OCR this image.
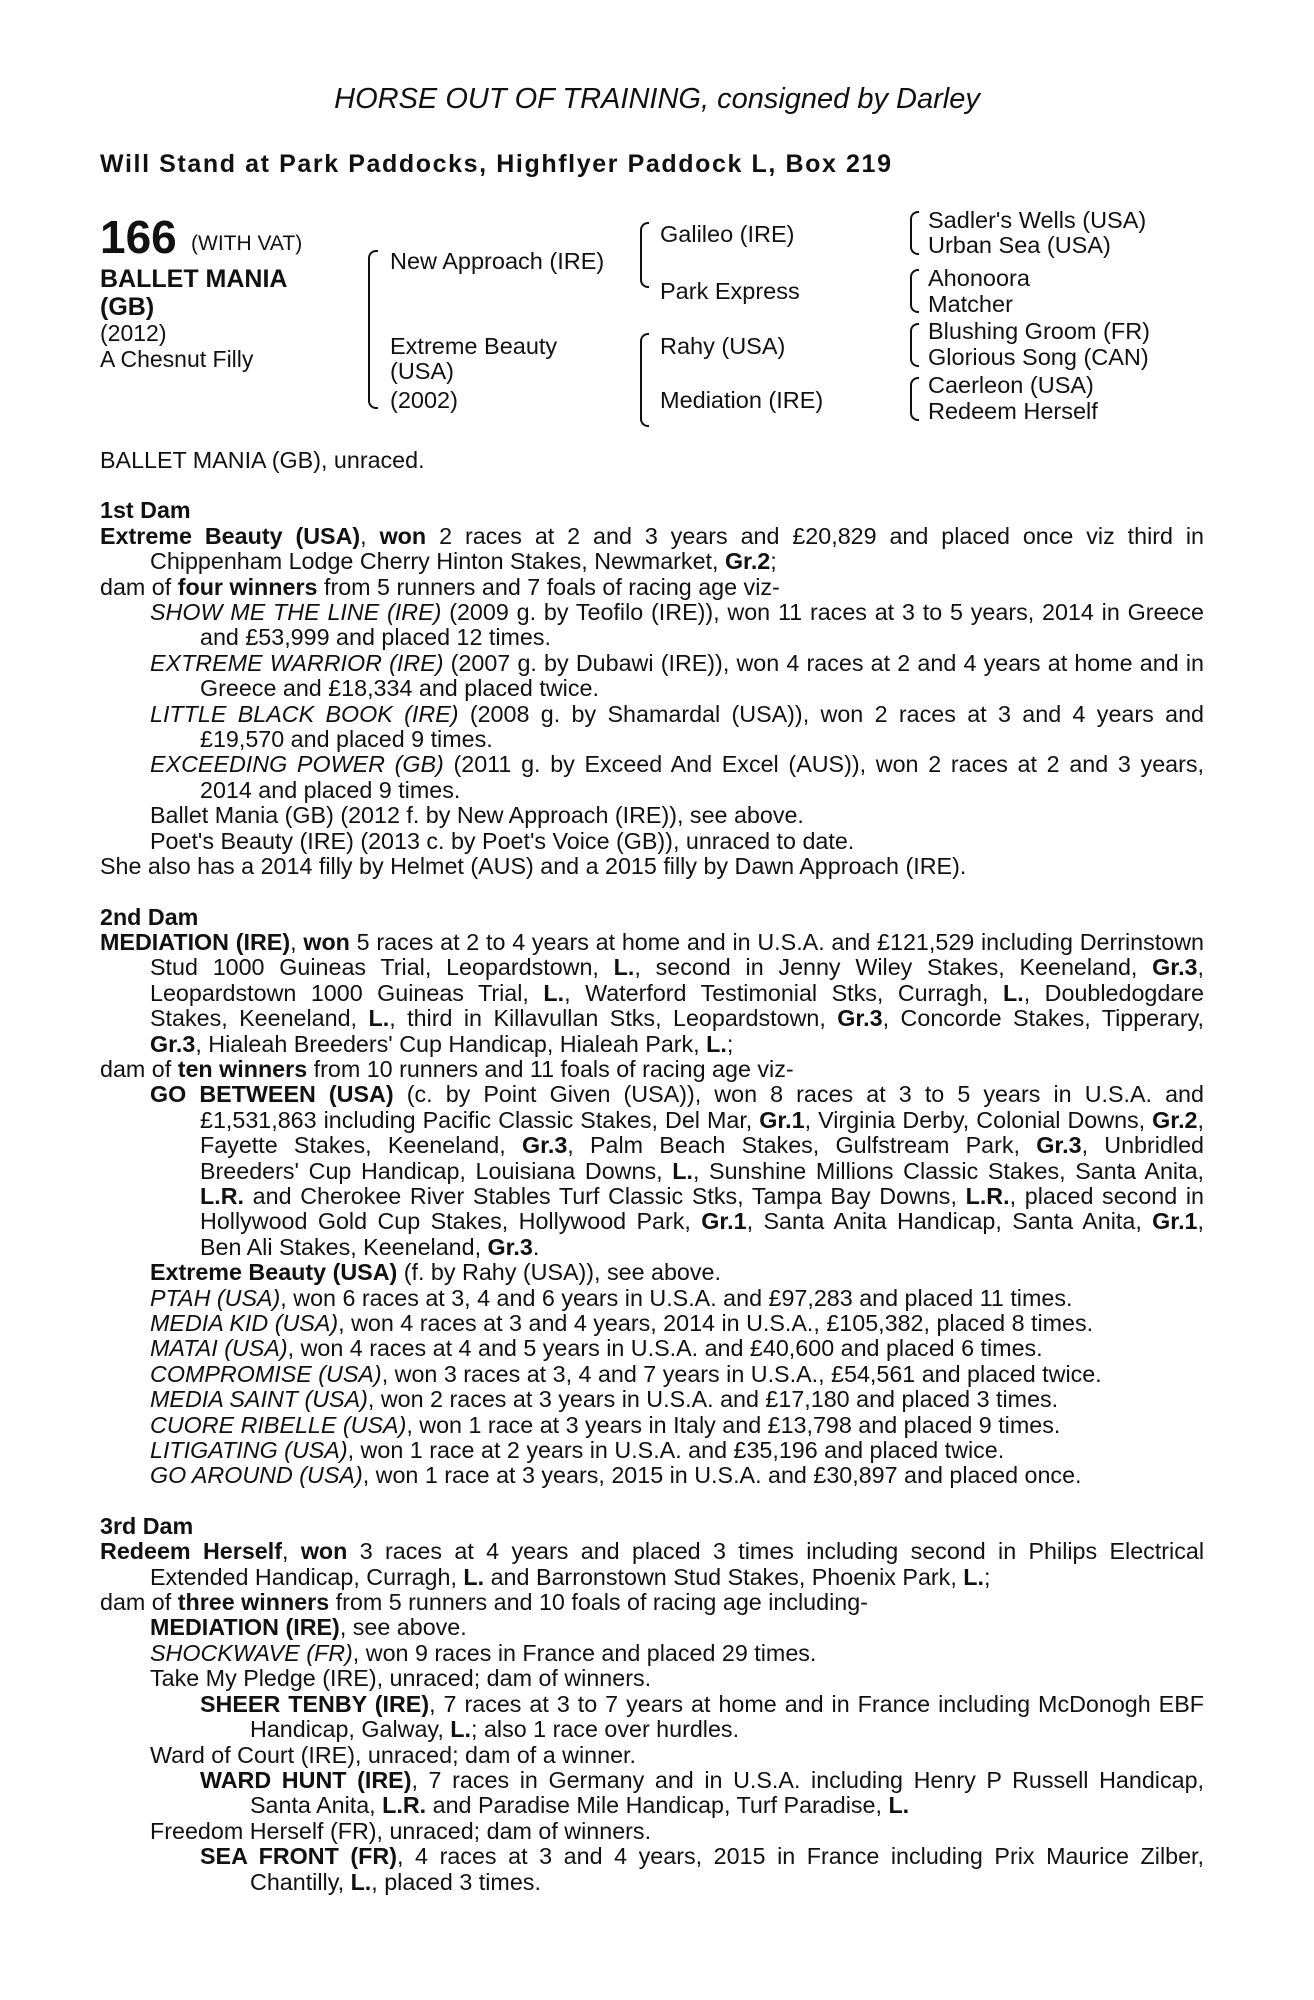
HORSE OUT OF TRAINING, consigned by Darley
Will Stand at Park Paddocks, Highflyer Paddock L, Box 219
166 (WITH VAT)
BALLET MANIA (GB)
(2012)
A Chesnut Filly
New Approach (IRE)
Extreme Beauty
(USA)
(2002)
Galileo (IRE)
Park Express
Rahy (USA)
Mediation (IRE)
Sadler's Wells (USA)
Urban Sea (USA)
Ahonoora
Matcher
Blushing Groom (FR)
Glorious Song (CAN)
Caerleon (USA)
Redeem Herself
BALLET MANIA (GB), unraced.
1st Dam
Extreme Beauty (USA), won 2 races at 2 and 3 years and £20,829 and placed once viz third in Chippenham Lodge Cherry Hinton Stakes, Newmarket, Gr.2;
dam of four winners from 5 runners and 7 foals of racing age viz-
SHOW ME THE LINE (IRE) (2009 g. by Teofilo (IRE)), won 11 races at 3 to 5 years, 2014 in Greece and £53,999 and placed 12 times.
EXTREME WARRIOR (IRE) (2007 g. by Dubawi (IRE)), won 4 races at 2 and 4 years at home and in Greece and £18,334 and placed twice.
LITTLE BLACK BOOK (IRE) (2008 g. by Shamardal (USA)), won 2 races at 3 and 4 years and £19,570 and placed 9 times.
EXCEEDING POWER (GB) (2011 g. by Exceed And Excel (AUS)), won 2 races at 2 and 3 years, 2014 and placed 9 times.
Ballet Mania (GB) (2012 f. by New Approach (IRE)), see above.
Poet's Beauty (IRE) (2013 c. by Poet's Voice (GB)), unraced to date.
She also has a 2014 filly by Helmet (AUS) and a 2015 filly by Dawn Approach (IRE).
2nd Dam
MEDIATION (IRE), won 5 races at 2 to 4 years at home and in U.S.A. and £121,529 including Derrinstown Stud 1000 Guineas Trial, Leopardstown, L., second in Jenny Wiley Stakes, Keeneland, Gr.3, Leopardstown 1000 Guineas Trial, L., Waterford Testimonial Stks, Curragh, L., Doubledogdare Stakes, Keeneland, L., third in Killavullan Stks, Leopardstown, Gr.3, Concorde Stakes, Tipperary, Gr.3, Hialeah Breeders' Cup Handicap, Hialeah Park, L.;
dam of ten winners from 10 runners and 11 foals of racing age viz-
GO BETWEEN (USA) (c. by Point Given (USA)), won 8 races at 3 to 5 years in U.S.A. and £1,531,863 including Pacific Classic Stakes, Del Mar, Gr.1, Virginia Derby, Colonial Downs, Gr.2, Fayette Stakes, Keeneland, Gr.3, Palm Beach Stakes, Gulfstream Park, Gr.3, Unbridled Breeders' Cup Handicap, Louisiana Downs, L., Sunshine Millions Classic Stakes, Santa Anita, L.R. and Cherokee River Stables Turf Classic Stks, Tampa Bay Downs, L.R., placed second in Hollywood Gold Cup Stakes, Hollywood Park, Gr.1, Santa Anita Handicap, Santa Anita, Gr.1, Ben Ali Stakes, Keeneland, Gr.3.
Extreme Beauty (USA) (f. by Rahy (USA)), see above.
PTAH (USA), won 6 races at 3, 4 and 6 years in U.S.A. and £97,283 and placed 11 times.
MEDIA KID (USA), won 4 races at 3 and 4 years, 2014 in U.S.A., £105,382, placed 8 times.
MATAI (USA), won 4 races at 4 and 5 years in U.S.A. and £40,600 and placed 6 times.
COMPROMISE (USA), won 3 races at 3, 4 and 7 years in U.S.A., £54,561 and placed twice.
MEDIA SAINT (USA), won 2 races at 3 years in U.S.A. and £17,180 and placed 3 times.
CUORE RIBELLE (USA), won 1 race at 3 years in Italy and £13,798 and placed 9 times.
LITIGATING (USA), won 1 race at 2 years in U.S.A. and £35,196 and placed twice.
GO AROUND (USA), won 1 race at 3 years, 2015 in U.S.A. and £30,897 and placed once.
3rd Dam
Redeem Herself, won 3 races at 4 years and placed 3 times including second in Philips Electrical Extended Handicap, Curragh, L. and Barronstown Stud Stakes, Phoenix Park, L.;
dam of three winners from 5 runners and 10 foals of racing age including-
MEDIATION (IRE), see above.
SHOCKWAVE (FR), won 9 races in France and placed 29 times.
Take My Pledge (IRE), unraced; dam of winners.
SHEER TENBY (IRE), 7 races at 3 to 7 years at home and in France including McDonogh EBF Handicap, Galway, L.; also 1 race over hurdles.
Ward of Court (IRE), unraced; dam of a winner.
WARD HUNT (IRE), 7 races in Germany and in U.S.A. including Henry P Russell Handicap, Santa Anita, L.R. and Paradise Mile Handicap, Turf Paradise, L.
Freedom Herself (FR), unraced; dam of winners.
SEA FRONT (FR), 4 races at 3 and 4 years, 2015 in France including Prix Maurice Zilber, Chantilly, L., placed 3 times.
